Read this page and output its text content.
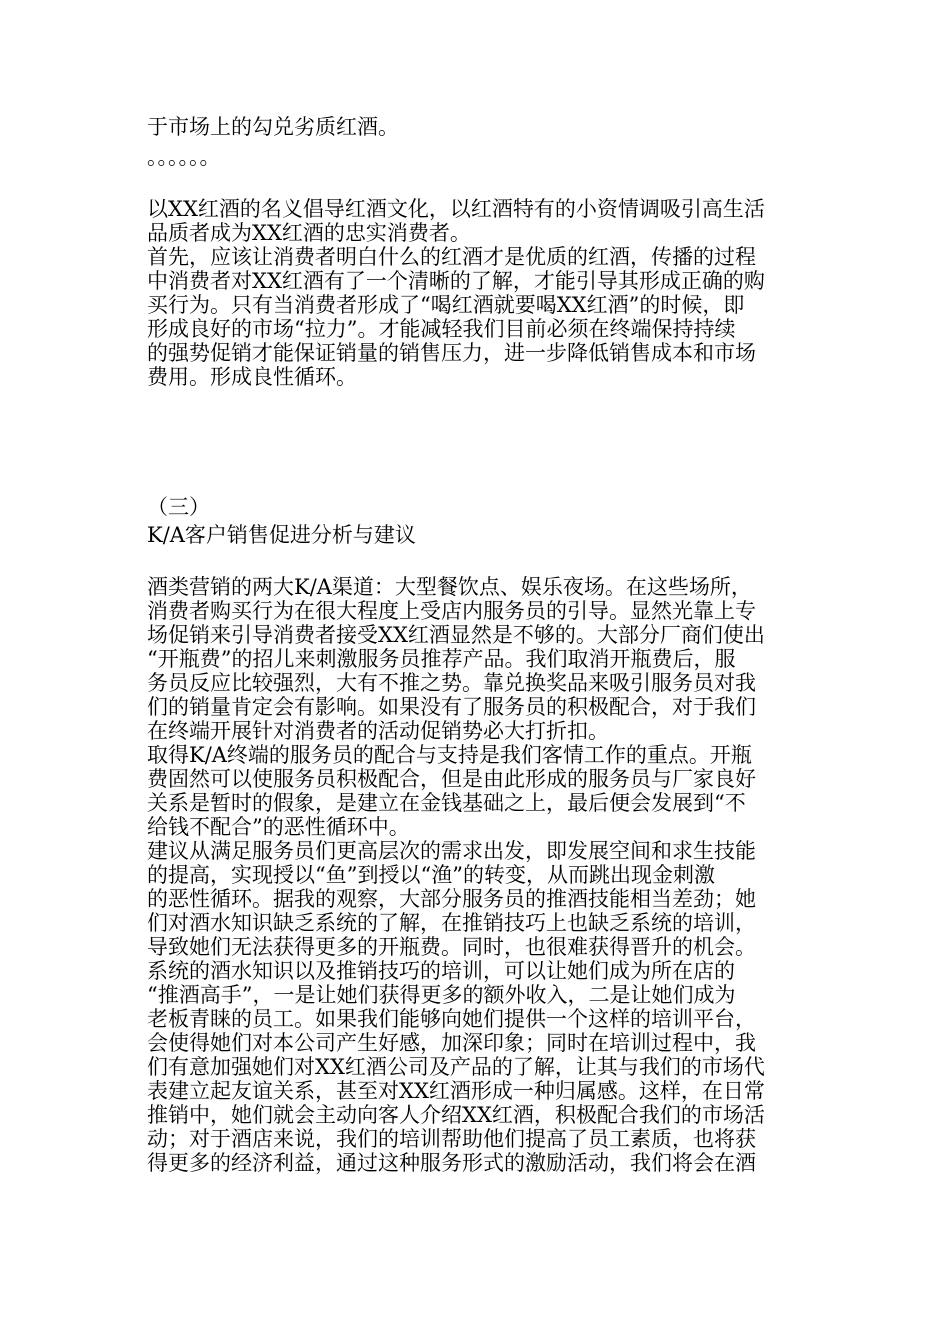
于市场上的勾兑劣质红酒。
。。。。。。
以XX红酒的名义倡导红酒文化，以红酒特有的小资情调吸引高生活
品质者成为XX红酒的忠实消费者。
首先，应该让消费者明白什么的红酒才是优质的红酒，传播的过程
中消费者对XX红酒有了一个清晰的了解，才能引导其形成正确的购
买行为。只有当消费者形成了“喝红酒就要喝XX红酒”的时候，即
形成良好的市场“拉力”。才能减轻我们目前必须在终端保持持续
的强势促销才能保证销量的销售压力，进一步降低销售成本和市场
费用。形成良性循环。
（三）
K/A客户销售促进分析与建议
酒类营销的两大K/A渠道：大型餐饮点、娱乐夜场。在这些场所，
消费者购买行为在很大程度上受店内服务员的引导。显然光靠上专
场促销来引导消费者接受XX红酒显然是不够的。大部分厂商们使出
“开瓶费”的招儿来刺激服务员推荐产品。我们取消开瓶费后，服
务员反应比较强烈，大有不推之势。靠兑换奖品来吸引服务员对我
们的销量肯定会有影响。如果没有了服务员的积极配合，对于我们
在终端开展针对消费者的活动促销势必大打折扣。
取得K/A终端的服务员的配合与支持是我们客情工作的重点。开瓶
费固然可以使服务员积极配合，但是由此形成的服务员与厂家良好
关系是暂时的假象，是建立在金钱基础之上，最后便会发展到“不
给钱不配合”的恶性循环中。
建议从满足服务员们更高层次的需求出发，即发展空间和求生技能
的提高，实现授以“鱼”到授以“渔”的转变，从而跳出现金刺激
的恶性循环。据我的观察，大部分服务员的推酒技能相当差劲；她
们对酒水知识缺乏系统的了解，在推销技巧上也缺乏系统的培训，
导致她们无法获得更多的开瓶费。同时，也很难获得晋升的机会。
系统的酒水知识以及推销技巧的培训，可以让她们成为所在店的
“推酒高手”，一是让她们获得更多的额外收入，二是让她们成为
老板青睐的员工。如果我们能够向她们提供一个这样的培训平台，
会使得她们对本公司产生好感，加深印象；同时在培训过程中，我
们有意加强她们对XX红酒公司及产品的了解，让其与我们的市场代
表建立起友谊关系，甚至对XX红酒形成一种归属感。这样，在日常
推销中，她们就会主动向客人介绍XX红酒，积极配合我们的市场活
动；对于酒店来说，我们的培训帮助他们提高了员工素质，也将获
得更多的经济利益，通过这种服务形式的激励活动，我们将会在酒
